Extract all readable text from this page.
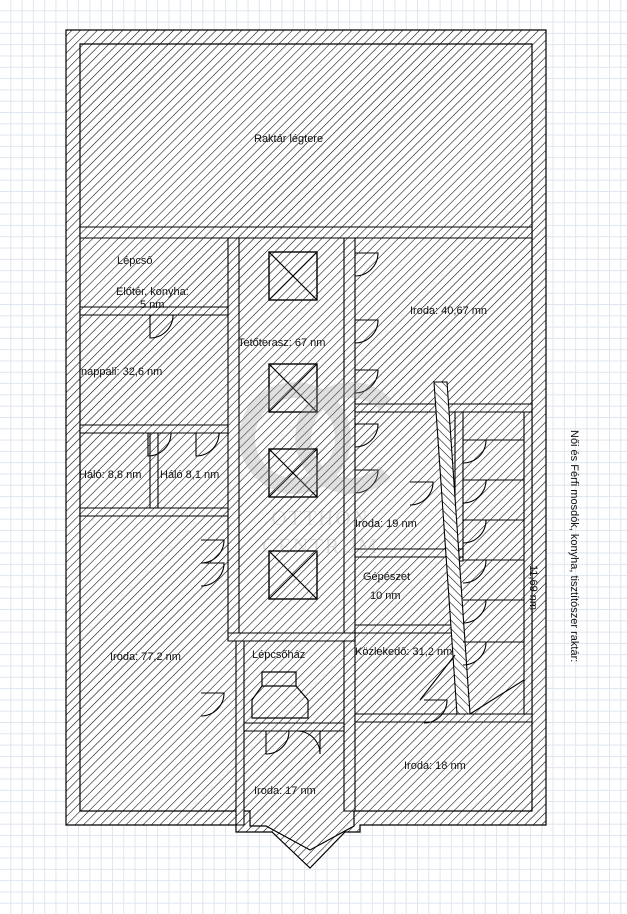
OTTHON
CENTRUM
Raktár légtere
Lépcső
Előtér, konyha:
5 nm
nappali: 32,6 nm
Háló: 8,8 nm Háló 8,1 nm
Iroda: 77,2 nm
Tetőterasz: 67 nm
Lépcsőház
Iroda: 17 nm
Iroda: 40,67 mn
Iroda: 19 nm
Gépészet
10 nm
Közlekedő: 31,2 nm
Iroda: 18 nm
Női és Férfi mosdók, konyha, tisztítószer raktár:
11,69 nm
